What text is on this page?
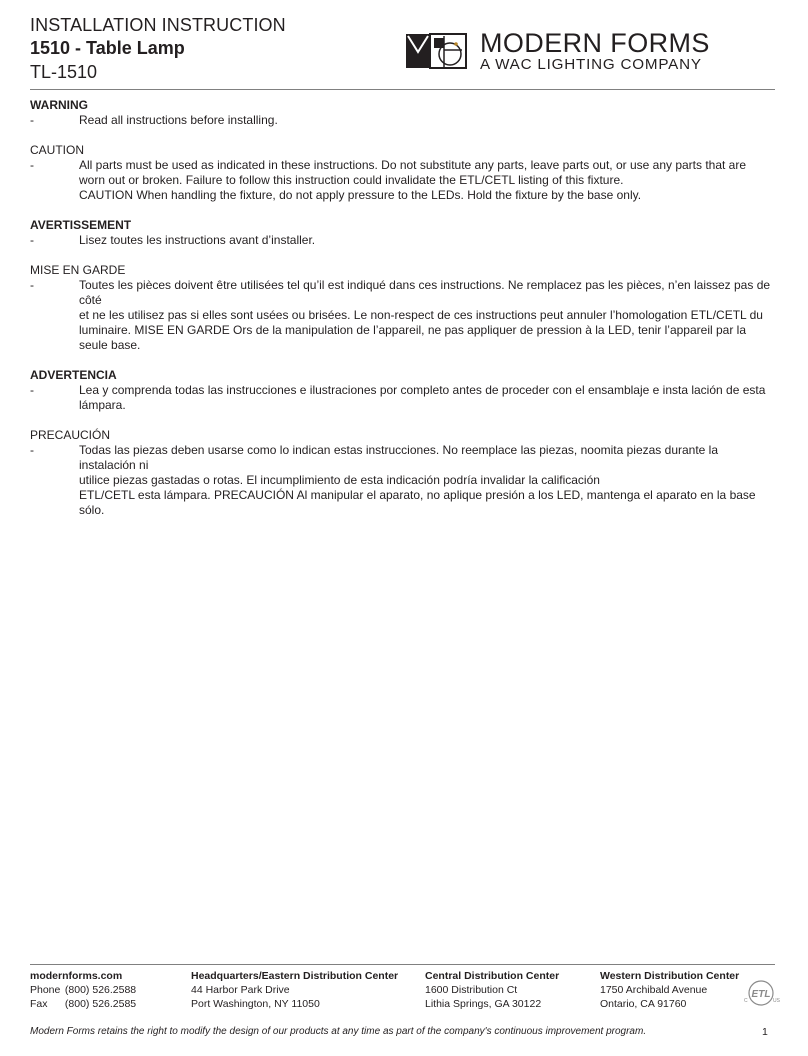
INSTALLATION INSTRUCTION
1510 - Table Lamp
TL-1510
MODERN FORMS
A WAC LIGHTING COMPANY

WARNING

-	Read all instructions before installing.

CAUTION

-	All parts must be used as indicated in these instructions. Do not substitute any parts, leave parts out, or use any parts that are
worn out or broken. Failure to follow this instruction could invalidate the ETL/CETL listing of this fixture.
CAUTION When handling the fixture, do not apply pressure to the LEDs. Hold the fixture by the base only.

AVERTISSEMENT

-	Lisez toutes les instructions avant d’installer.

MISE EN GARDE

-	Toutes les pièces doivent être utilisées tel qu’il est indiqué dans ces instructions. Ne remplacez pas les pièces, n’en laissez pas de côté
et ne les utilisez pas si elles sont usées ou brisées. Le non-respect de ces instructions peut annuler l’homologation ETL/CETL du
luminaire. MISE EN GARDE Ors de la manipulation de l’appareil, ne pas appliquer de pression à la LED, tenir l’appareil par la seule base.

ADVERTENCIA

-	Lea y comprenda todas las instrucciones e ilustraciones por completo antes de proceder con el ensamblaje e insta lación de esta
lámpara.

PRECAUCIÓN

-	Todas las piezas deben usarse como lo indican estas instrucciones. No reemplace las piezas, noomita piezas durante la instalación ni
utilice piezas gastadas o rotas. El incumplimiento de esta indicación podría invalidar la calificación
ETL/CETL esta lámpara. PRECAUCIÓN Al manipular el aparato, no aplique presión a los LED, mantenga el aparato en la base sólo.
modernforms.com
Phone (800) 526.2588
Fax (800) 526.2585
Headquarters/Eastern Distribution Center
44 Harbor Park Drive
Port Washington, NY 11050
Central Distribution Center
1600 Distribution Ct
Lithia Springs, GA 30122
Western Distribution Center
1750 Archibald Avenue
Ontario, CA 91760
ETL
C	US
Modern Forms retains the right to modify the design of our products at any time as part of the company's continuous improvement program.	1
